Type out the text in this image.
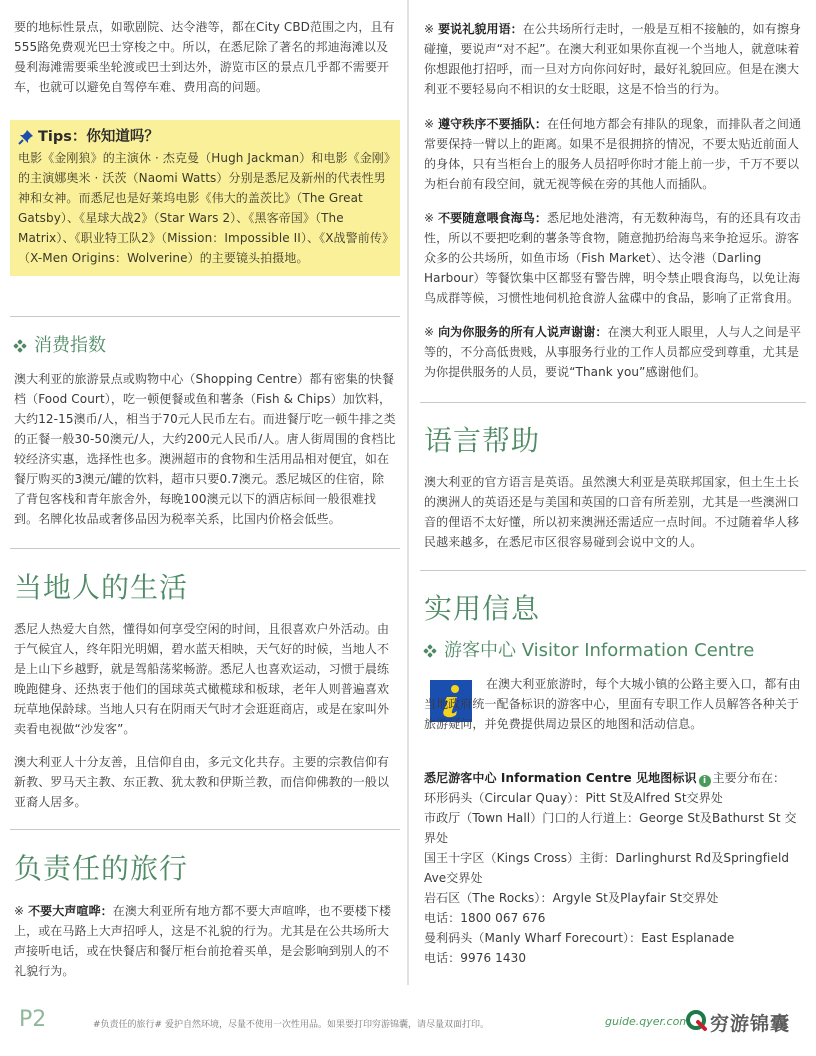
要的地标性景点，如歌剧院、达令港等，都在City CBD范围之内，且有555路免费观光巴士穿梭之中。所以，在悉尼除了著名的邦迪海滩以及曼利海滩需要乘坐轮渡或巴士到达外，游览市区的景点几乎都不需要开车，也就可以避免自驾停车难、费用高的问题。

Tips：你知道吗？

电影《金刚狼》的主演休 · 杰克曼（Hugh Jackman）和电影《金刚》的主演娜奥米 · 沃茨（Naomi Watts）分别是悉尼及新州的代表性男神和女神。而悉尼也是好莱坞电影《伟大的盖茨比》（The Great Gatsby）、《星球大战2》（Star Wars 2）、《黑客帝国》（The Matrix）、《职业特工队2》（Mission：Impossible II）、《X战警前传》（X-Men Origins：Wolverine）的主要镜头拍摄地。

消费指数

澳大利亚的旅游景点或购物中心（Shopping Centre）都有密集的快餐档（Food Court），吃一顿便餐或鱼和薯条（Fish & Chips）加饮料，大约12-15澳币/人，相当于70元人民币左右。而进餐厅吃一顿牛排之类的正餐一般30-50澳元/人，大约200元人民币/人。唐人街周围的食档比较经济实惠，选择性也多。澳洲超市的食物和生活用品相对便宜，如在餐厅购买的3澳元/罐的饮料，超市只要0.7澳元。悉尼城区的住宿，除了背包客栈和青年旅舍外，每晚100澳元以下的酒店标间一般很难找到。名牌化妆品或奢侈品因为税率关系，比国内价格会低些。

当地人的生活

悉尼人热爱大自然，懂得如何享受空闲的时间，且很喜欢户外活动。由于气候宜人，终年阳光明媚，碧水蓝天相映，天气好的时候，当地人不是上山下乡越野，就是驾船荡桨畅游。悉尼人也喜欢运动，习惯于晨练晚跑健身、还热衷于他们的国球英式橄榄球和板球，老年人则普遍喜欢玩草地保龄球。当地人只有在阴雨天气时才会逛逛商店，或是在家叫外卖看电视做“沙发客”。

澳大利亚人十分友善，且信仰自由，多元文化共存。主要的宗教信仰有新教、罗马天主教、东正教、犹太教和伊斯兰教，而信仰佛教的一般以亚裔人居多。

负责任的旅行

※ 不要大声喧哗：在澳大利亚所有地方都不要大声喧哗，也不要楼下楼上，或在马路上大声招呼人，这是不礼貌的行为。尤其是在公共场所大声接听电话，或在快餐店和餐厅柜台前抢着买单，是会影响到别人的不礼貌行为。

※ 要说礼貌用语：在公共场所行走时，一般是互相不接触的，如有擦身碰撞，要说声“对不起”。在澳大利亚如果你直视一个当地人，就意味着你想跟他打招呼，而一旦对方向你问好时，最好礼貌回应。但是在澳大利亚不要轻易向不相识的女士眨眼，这是不恰当的行为。

※ 遵守秩序不要插队：在任何地方都会有排队的现象，而排队者之间通常要保持一臂以上的距离。如果不是很拥挤的情况，不要太贴近前面人的身体，只有当柜台上的服务人员招呼你时才能上前一步，千万不要以为柜台前有段空间，就无视等候在旁的其他人而插队。

※ 不要随意喂食海鸟：悉尼地处港湾，有无数种海鸟，有的还具有攻击性，所以不要把吃剩的薯条等食物，随意抛扔给海鸟来争抢逗乐。游客众多的公共场所，如鱼市场（Fish Market）、达令港（Darling Harbour）等餐饮集中区都竖有警告牌，明令禁止喂食海鸟，以免让海鸟成群等候，习惯性地伺机抢食游人盆碟中的食品，影响了正常食用。

※ 向为你服务的所有人说声谢谢：在澳大利亚人眼里，人与人之间是平等的，不分高低贵贱，从事服务行业的工作人员都应受到尊重，尤其是为你提供服务的人员，要说“Thank you”感谢他们。

语言帮助

澳大利亚的官方语言是英语。虽然澳大利亚是英联邦国家，但土生土长的澳洲人的英语还是与美国和英国的口音有所差别，尤其是一些澳洲口音的俚语不太好懂，所以初来澳洲还需适应一点时间。不过随着华人移民越来越多，在悉尼市区很容易碰到会说中文的人。

实用信息
游客中心 Visitor Information Centre

在澳大利亚旅游时，每个大城小镇的公路主要入口，都有由当地政府统一配备标识的游客中心，里面有专职工作人员解答各种关于旅游疑问，并免费提供周边景区的地图和活动信息。

悉尼游客中心 Information Centre 见地图标识 i 主要分布在：

环形码头（Circular Quay）：Pitt St及Alfred St交界处

市政厅（Town Hall）门口的人行道上：George St及Bathurst St 交界处

国王十字区（Kings Cross）主街：Darlinghurst Rd及Springfield Ave交界处

岩石区（The Rocks）：Argyle St及Playfair St交界处

电话：1800 067 676

曼利码头（Manly Wharf Forecourt）：East Esplanade

电话：9976 1430

P2	#负责任的旅行# 爱护自然环境，尽量不使用一次性用品。如果要打印穷游锦囊，请尽量双面打印。	guide.qyer.com 穷游锦囊
